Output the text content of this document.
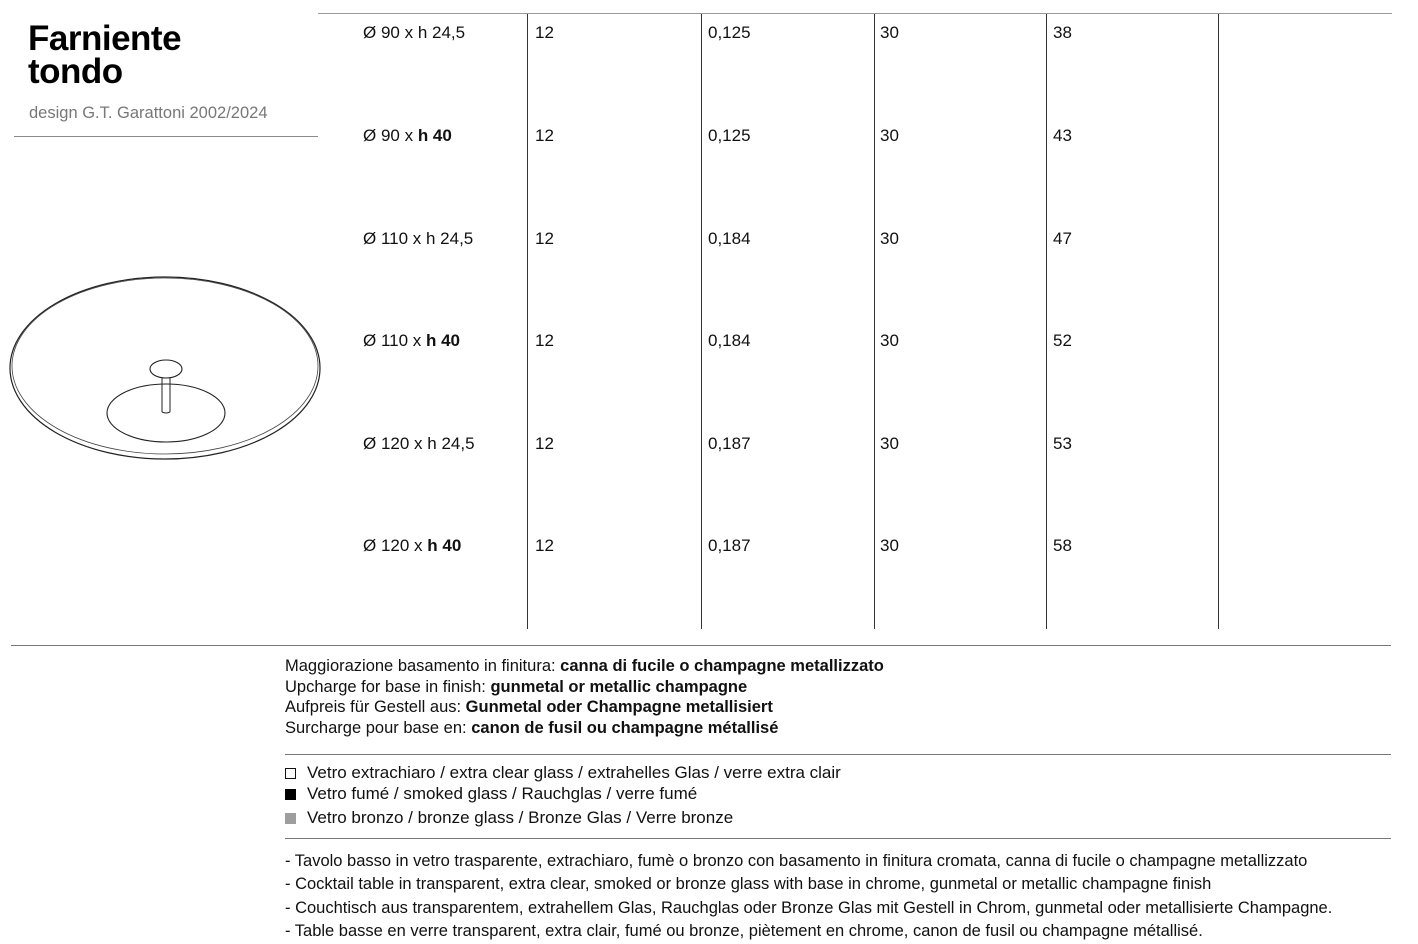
Farniente
tondo
design G.T. Garattoni 2002/2024
Ø 90 x h 24,5	12	0,125	30	38
Ø 90 x h 40	12	0,125	30	43
Ø 110 x h 24,5	12	0,184	30	47
Ø 110 x h 40	12	0,184	30	52
Ø 120 x h 24,5	12	0,187	30	53
Ø 120 x h 40	12	0,187	30	58
Maggiorazione basamento in finitura: canna di fucile o champagne metallizzato
Upcharge for base in finish: gunmetal or metallic champagne
Aufpreis für Gestell aus: Gunmetal oder Champagne metallisiert
Surcharge pour base en: canon de fusil ou champagne métallisé
Vetro extrachiaro / extra clear glass / extrahelles Glas / verre extra clair
Vetro fumé / smoked glass / Rauchglas / verre fumé
Vetro bronzo / bronze glass / Bronze Glas / Verre bronze
- Tavolo basso in vetro trasparente, extrachiaro, fumè o bronzo con basamento in finitura cromata, canna di fucile o champagne metallizzato
- Cocktail table in transparent, extra clear, smoked or bronze glass with base in chrome, gunmetal or metallic champagne finish
- Couchtisch aus transparentem, extrahellem Glas, Rauchglas oder Bronze Glas mit Gestell in Chrom, gunmetal oder metallisierte Champagne.
- Table basse en verre transparent, extra clair, fumé ou bronze, piètement en chrome, canon de fusil ou champagne métallisé.
